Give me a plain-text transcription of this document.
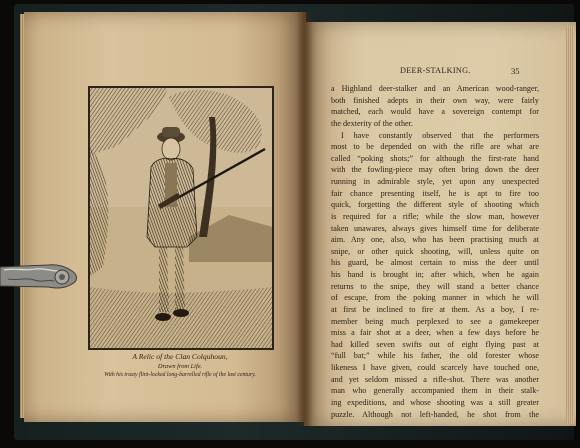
A Relic of the Clan Colquhoun,
Drawn from Life.
With his trusty flint-locked long-barrelled rifle of the last century.
DEER-STALKING.	35
a Highland deer-stalker and an American wood-ranger,
both finished adepts in their own way, were fairly
matched, each would have a sovereign contempt for
the dexterity of the other.
I have constantly observed that the performers
most to be depended on with the rifle are what are
called “poking shots;” for although the first-rate hand
with the fowling-piece may often bring down the deer
running in admirable style, yet upon any unexpected
fair chance presenting itself, he is apt to fire too
quick, forgetting the different style of shooting which
is required for a rifle; while the slow man, however
taken unawares, always gives himself time for deliberate
aim. Any one, also, who has been practising much at
snipe, or other quick shooting, will, unless quite on
his guard, be almost certain to miss the deer until
his hand is brought in; after which, when he again
returns to the snipe, they will stand a better chance
of escape, from the poking manner in which he will
at first be inclined to fire at them. As a boy, I re-
member being much perplexed to see a gamekeeper
miss a fair shot at a deer, when a few days before he
had killed seven swifts out of eight flying past at
“full bat;” while his father, the old forester whose
likeness I have given, could scarcely have touched one,
and yet seldom missed a rifle-shot. There was another
man who generally accompanied them in their stalk-
ing expeditions, and whose shooting was a still greater
puzzle. Although not left-handed, he shot from the
